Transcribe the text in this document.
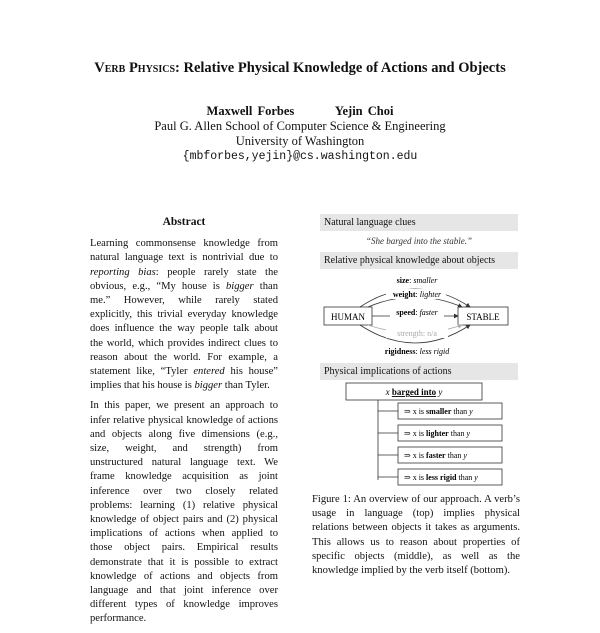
Verb Physics: Relative Physical Knowledge of Actions and Objects
Maxwell Forbes	Yejin Choi
Paul G. Allen School of Computer Science & Engineering
University of Washington
{mbforbes,yejin}@cs.washington.edu
Abstract

Learning commonsense knowledge from natural language text is nontrivial due to reporting bias: people rarely state the obvious, e.g., “My house is bigger than me.” However, while rarely stated explicitly, this trivial everyday knowledge does influence the way people talk about the world, which provides indirect clues to reason about the world. For example, a statement like, “Tyler entered his house” implies that his house is bigger than Tyler.

In this paper, we present an approach to infer relative physical knowledge of actions and objects along five dimensions (e.g., size, weight, and strength) from unstructured natural language text. We frame knowledge acquisition as joint inference over two closely related problems: learning (1) relative physical knowledge of object pairs and (2) physical implications of actions when applied to those object pairs. Empirical results demonstrate that it is possible to extract knowledge of actions and objects from language and that joint inference over different types of knowledge improves performance.

Natural language clues
“She barged into the stable.”
Relative physical knowledge about objects
HUMAN	STABLE
size: smaller
weight: lighter
speed: faster
strength: n/a
rigidness: less rigid
Physical implications of actions
x barged into y
⇒ x is smaller than y
⇒ x is lighter than y
⇒ x is faster than y
⇒ x is less rigid than y
Figure 1: An overview of our approach. A verb’s usage in language (top) implies physical relations between objects it takes as arguments. This allows us to reason about properties of specific objects (middle), as well as the knowledge implied by the verb itself (bottom).
